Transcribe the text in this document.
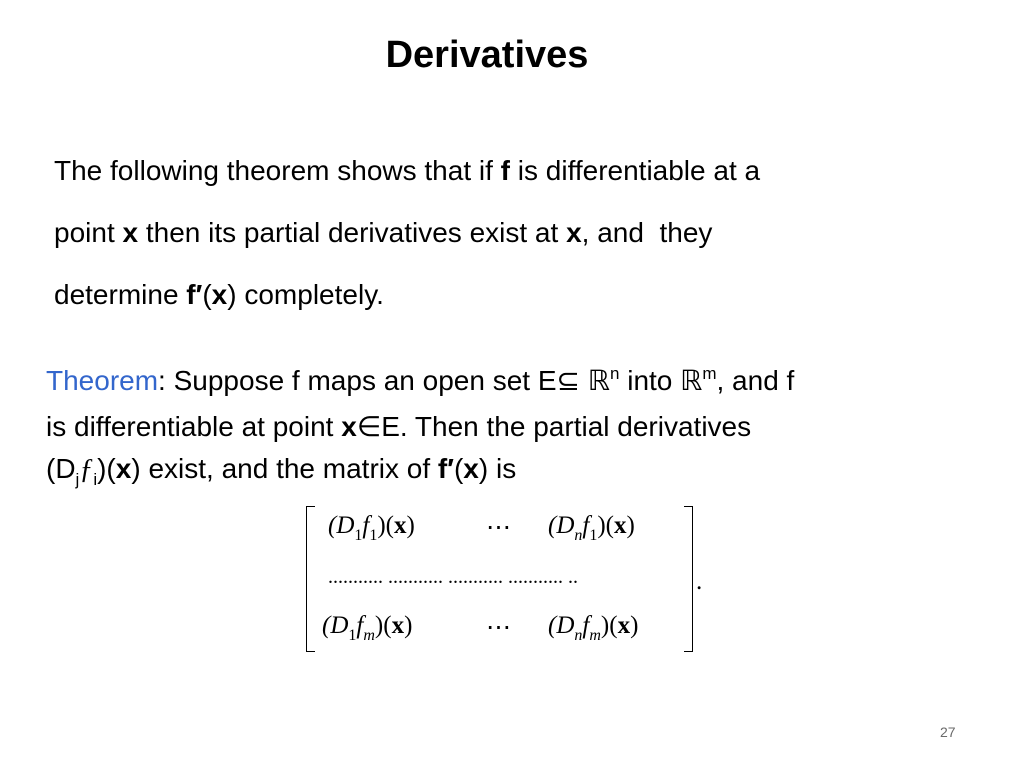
Derivatives
The following theorem shows that if f is differentiable at a
point x then its partial derivatives exist at x, and  they
determine f′(x) completely.
Theorem: Suppose f maps an open set E⊆ ℝ$^n$ into ℝ$^m$, and f
is differentiable at point x∈E. Then the partial derivatives
$(D_jƒ_i)(x)$ exist, and the matrix of f′(x) is
$(D_1f_1)(x)$	⋯ $(D_nf_1)(x)$
........... ........... ........... ........... ..	.
$(D_1f_m)(x)$	⋯ $(D_nf_m)(x)$
27
